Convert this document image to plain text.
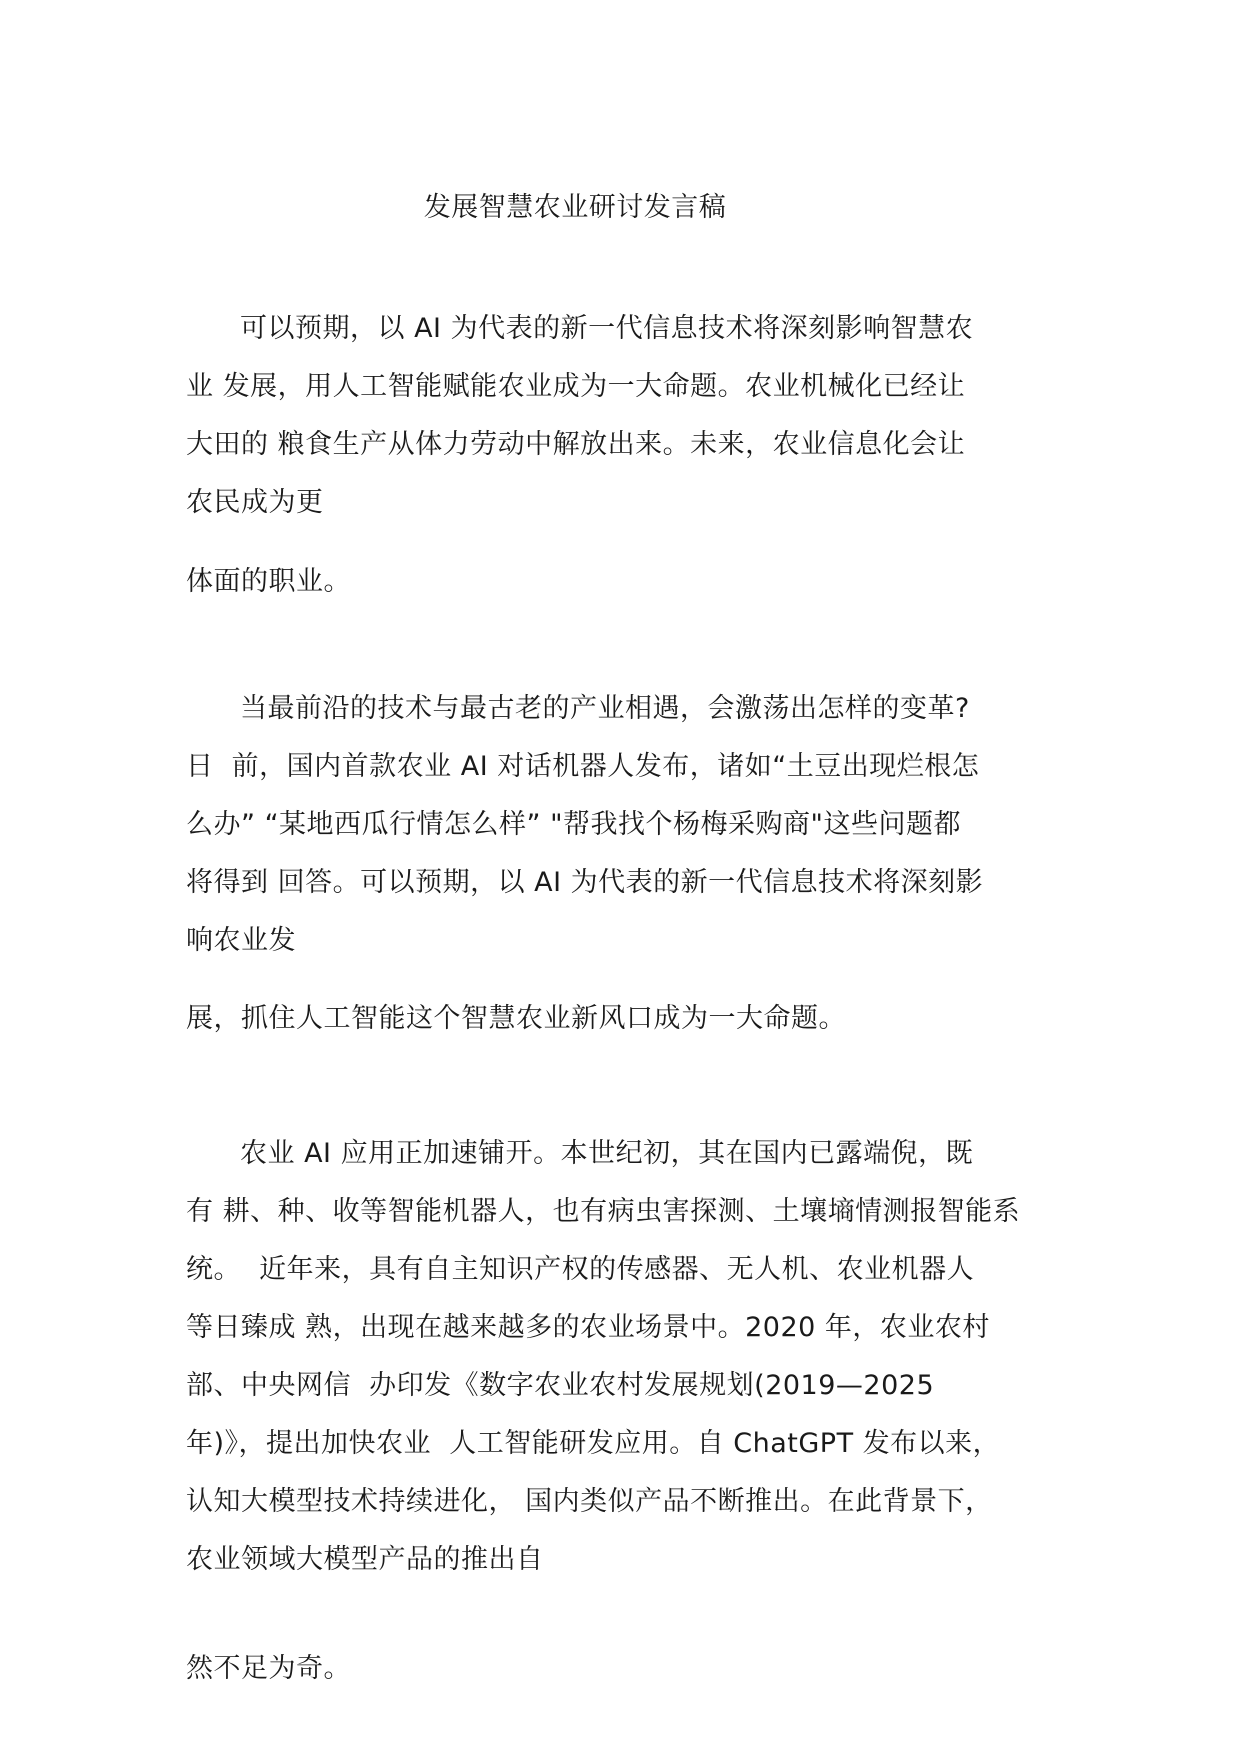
发展智慧农业研讨发言稿
可以预期，以 AI 为代表的新一代信息技术将深刻影响智慧农
业 发展，用人工智能赋能农业成为一大命题。农业机械化已经让
大田的 粮食生产从体力劳动中解放出来。未来，农业信息化会让
农民成为更
体面的职业。
当最前沿的技术与最古老的产业相遇，会激荡出怎样的变革?
日  前，国内首款农业 AI 对话机器人发布，诸如“土豆出现烂根怎
么办” “某地西瓜行情怎么样” "帮我找个杨梅采购商"这些问题都
将得到 回答。可以预期，以 AI 为代表的新一代信息技术将深刻影
响农业发
展，抓住人工智能这个智慧农业新风口成为一大命题。
农业 AI 应用正加速铺开。本世纪初，其在国内已露端倪，既
有 耕、种、收等智能机器人，也有病虫害探测、土壤墒情测报智能系
统。  近年来，具有自主知识产权的传感器、无人机、农业机器人
等日臻成 熟，出现在越来越多的农业场景中。2020 年，农业农村
部、中央网信  办印发《数字农业农村发展规划(2019—2025
年)》，提出加快农业  人工智能研发应用。自 ChatGPT 发布以来，
认知大模型技术持续进化， 国内类似产品不断推出。在此背景下，
农业领域大模型产品的推出自
然不足为奇。
